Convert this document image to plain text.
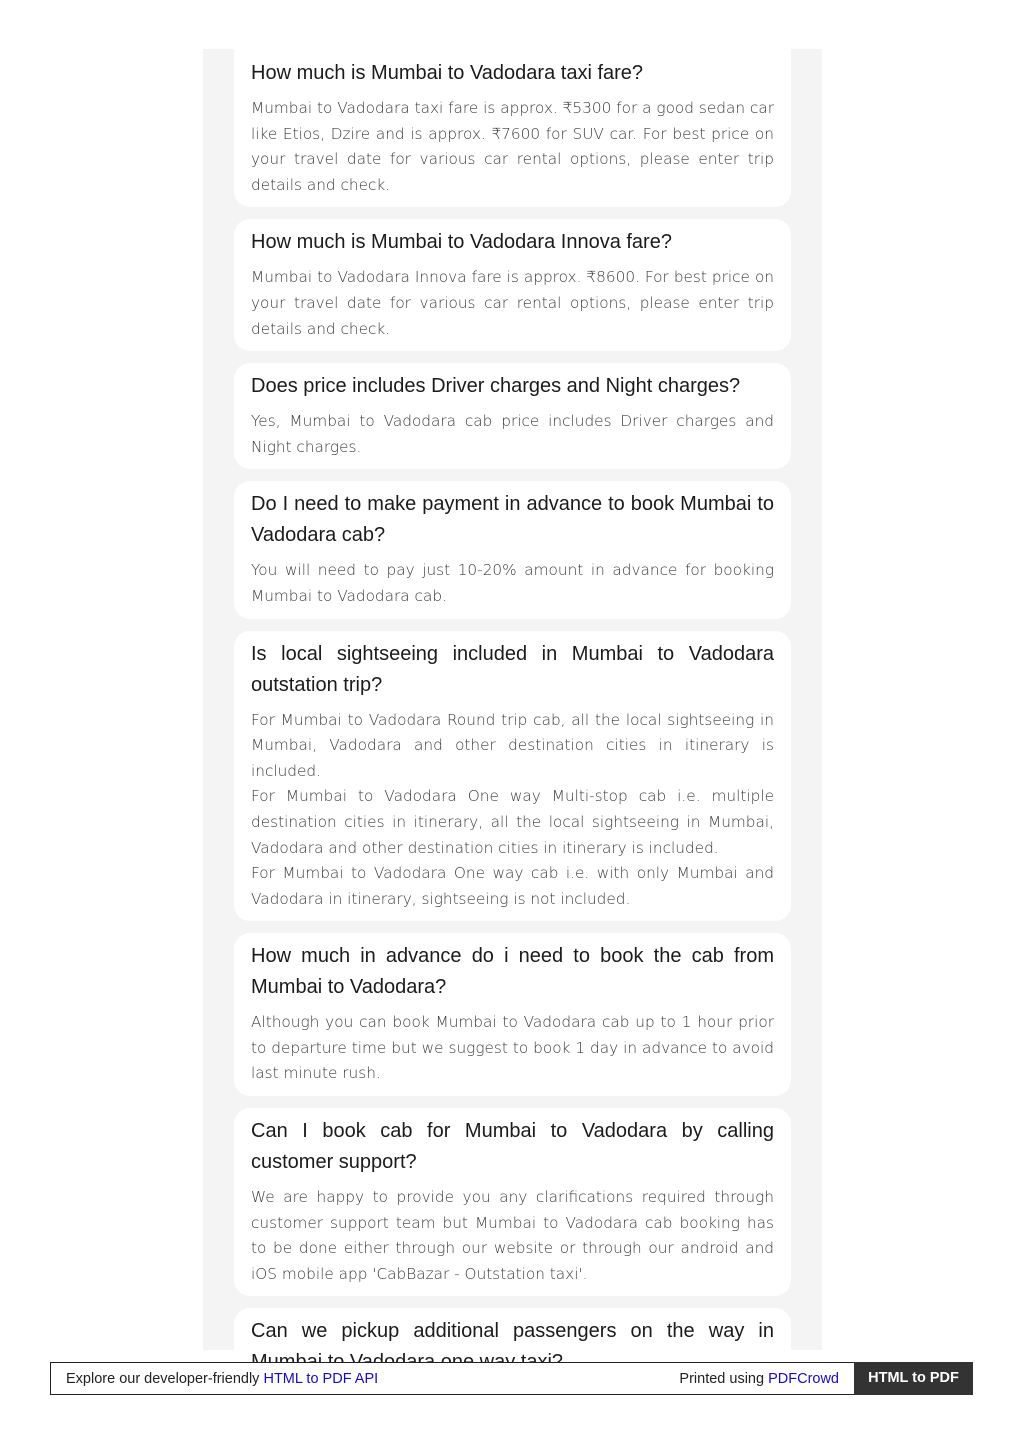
How much is Mumbai to Vadodara taxi fare?

Mumbai to Vadodara taxi fare is approx. ₹5300 for a good sedan car like Etios, Dzire and is approx. ₹7600 for SUV car. For best price on your travel date for various car rental options, please enter trip details and check.

How much is Mumbai to Vadodara Innova fare?

Mumbai to Vadodara Innova fare is approx. ₹8600. For best price on your travel date for various car rental options, please enter trip details and check.

Does price includes Driver charges and Night charges?

Yes, Mumbai to Vadodara cab price includes Driver charges and Night charges.

Do I need to make payment in advance to book Mumbai to Vadodara cab?

You will need to pay just 10-20% amount in advance for booking Mumbai to Vadodara cab.

Is local sightseeing included in Mumbai to Vadodara outstation trip?

For Mumbai to Vadodara Round trip cab, all the local sightseeing in Mumbai, Vadodara and other destination cities in itinerary is included.

For Mumbai to Vadodara One way Multi-stop cab i.e. multiple destination cities in itinerary, all the local sightseeing in Mumbai, Vadodara and other destination cities in itinerary is included.

For Mumbai to Vadodara One way cab i.e. with only Mumbai and Vadodara in itinerary, sightseeing is not included.

How much in advance do i need to book the cab from Mumbai to Vadodara?

Although you can book Mumbai to Vadodara cab up to 1 hour prior to departure time but we suggest to book 1 day in advance to avoid last minute rush.

Can I book cab for Mumbai to Vadodara by calling customer support?

We are happy to provide you any clarifications required through customer support team but Mumbai to Vadodara cab booking has to be done either through our website or through our android and iOS mobile app 'CabBazar - Outstation taxi'.

Can we pickup additional passengers on the way in
Explore our developer-friendly HTML to PDF API	Printed using PDFCrowd	HTML to PDF
